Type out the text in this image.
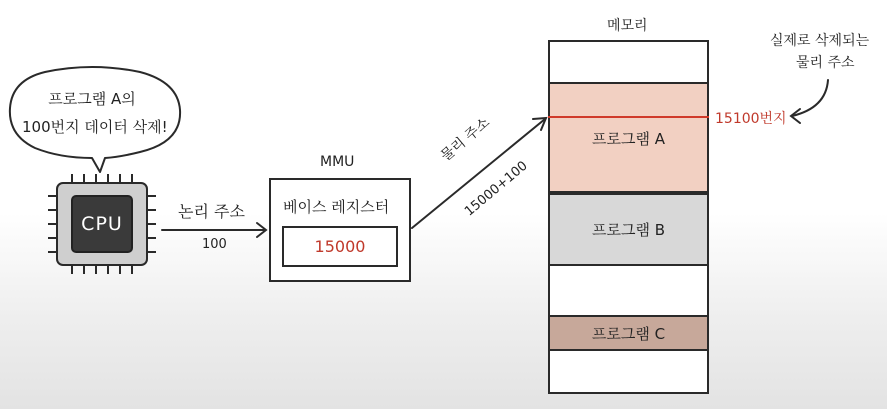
프로그램 A의
100번지 데이터 삭제!
CPU
논리 주소
100
MMU
베이스 레지스터
15000
물리 주소
15000+100
메모리
프로그램 A
프로그램 B
프로그램 C
15100번지
실제로 삭제되는
물리 주소
